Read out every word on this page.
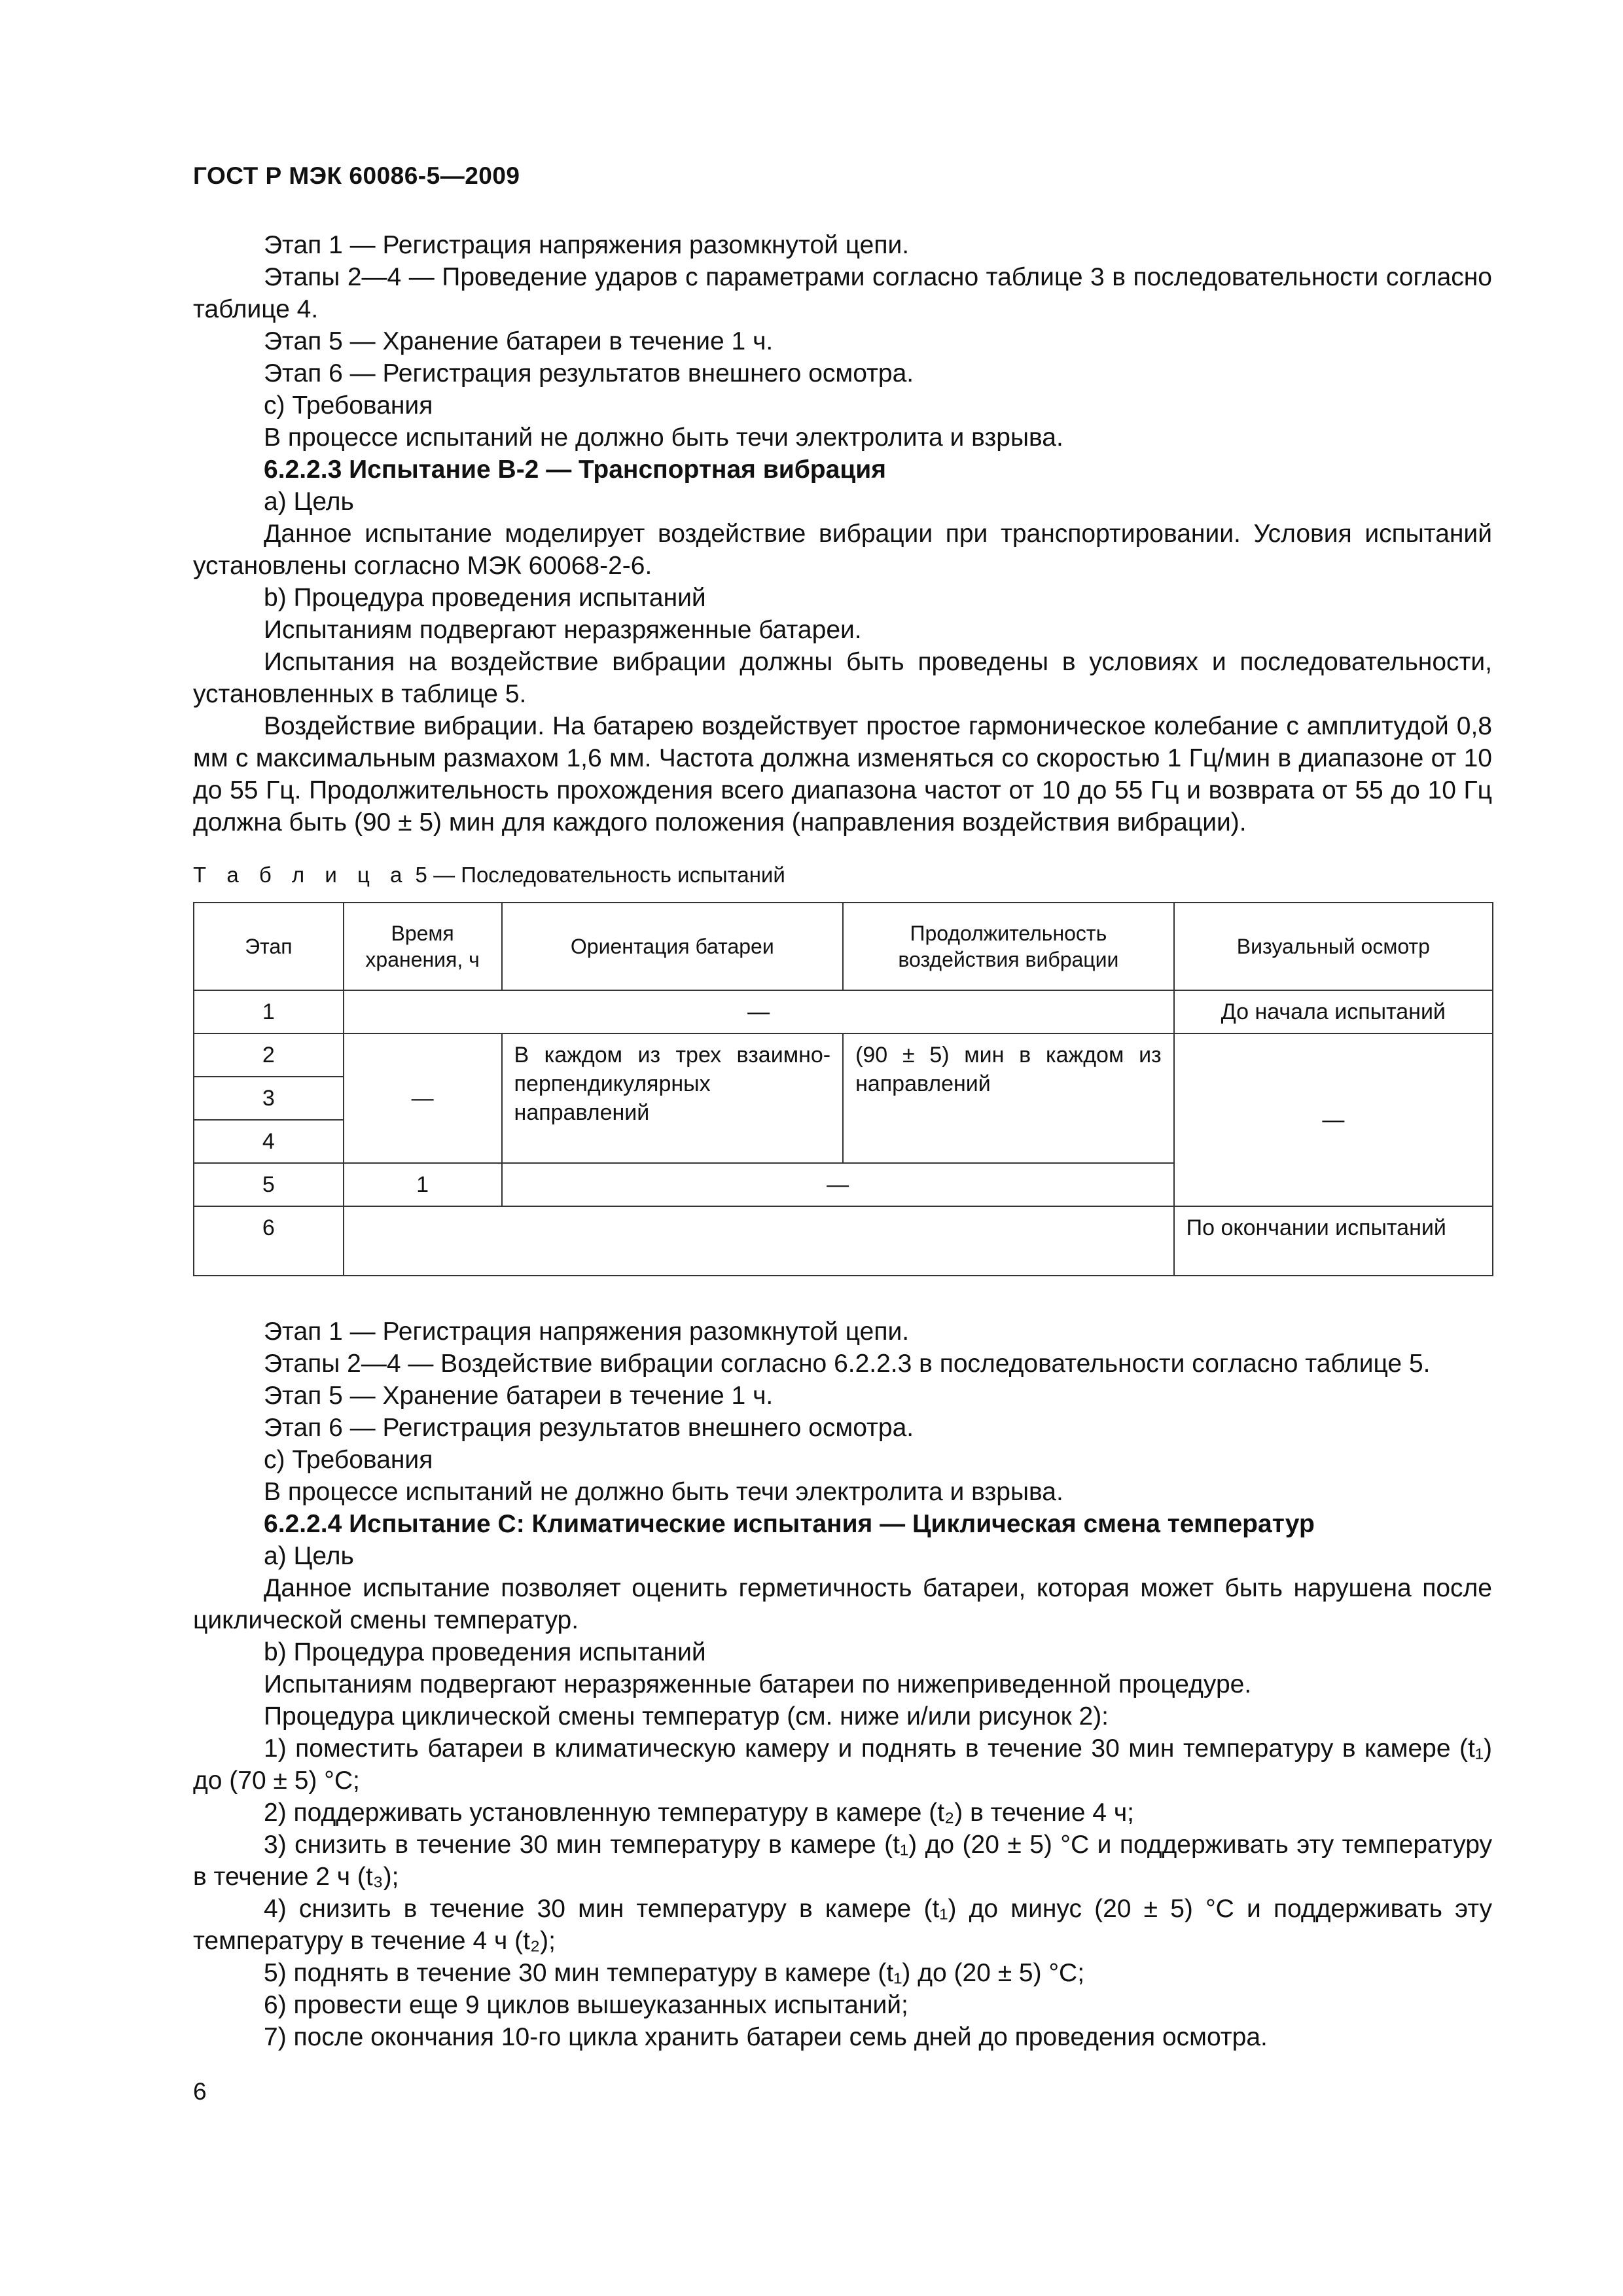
ГОСТ Р МЭК 60086-5—2009

Этап 1 — Регистрация напряжения разомкнутой цепи.

Этапы 2—4 — Проведение ударов с параметрами согласно таблице 3 в последовательности согласно таблице 4.

Этап 5 — Хранение батареи в течение 1 ч.

Этап 6 — Регистрация результатов внешнего осмотра.

c) Требования

В процессе испытаний не должно быть течи электролита и взрыва.

6.2.2.3 Испытание В-2 — Транспортная вибрация

a) Цель

Данное испытание моделирует воздействие вибрации при транспортировании. Условия испытаний установлены согласно МЭК 60068-2-6.

b) Процедура проведения испытаний

Испытаниям подвергают неразряженные батареи.

Испытания на воздействие вибрации должны быть проведены в условиях и последовательности, установленных в таблице 5.

Воздействие вибрации. На батарею воздействует простое гармоническое колебание с амплитудой 0,8 мм с максимальным размахом 1,6 мм. Частота должна изменяться со скоростью 1 Гц/мин в диапазоне от 10 до 55 Гц. Продолжительность прохождения всего диапазона частот от 10 до 55 Гц и возврата от 55 до 10 Гц должна быть (90 ± 5) мин для каждого положения (направления воздействия вибрации).

Т а б л и ц а 5 — Последовательность испытаний
Этап	Время хранения, ч	Ориентация батареи	Продолжительность воздействия вибрации	Визуальный осмотр
1	—			До начала испытаний
2	—	В каждом из трех взаимно-перпендикулярных направлений	(90 ± 5) мин в каждом из направлений	—
3				
4				
5	1	—		
6				По окончании испытаний

Этап 1 — Регистрация напряжения разомкнутой цепи.

Этапы 2—4 — Воздействие вибрации согласно 6.2.2.3 в последовательности согласно таблице 5.

Этап 5 — Хранение батареи в течение 1 ч.

Этап 6 — Регистрация результатов внешнего осмотра.

c) Требования

В процессе испытаний не должно быть течи электролита и взрыва.

6.2.2.4 Испытание С: Климатические испытания — Циклическая смена температур

a) Цель

Данное испытание позволяет оценить герметичность батареи, которая может быть нарушена после циклической смены температур.

b) Процедура проведения испытаний

Испытаниям подвергают неразряженные батареи по нижеприведенной процедуре.

Процедура циклической смены температур (см. ниже и/или рисунок 2):

1) поместить батареи в климатическую камеру и поднять в течение 30 мин температуру в камере (t₁) до (70 ± 5) °С;

2) поддерживать установленную температуру в камере (t₂) в течение 4 ч;

3) снизить в течение 30 мин температуру в камере (t₁) до (20 ± 5) °С и поддерживать эту температуру в течение 2 ч (t₃);

4) снизить в течение 30 мин температуру в камере (t₁) до минус (20 ± 5) °С и поддерживать эту температуру в течение 4 ч (t₂);

5) поднять в течение 30 мин температуру в камере (t₁) до (20 ± 5) °С;

6) провести еще 9 циклов вышеуказанных испытаний;

7) после окончания 10-го цикла хранить батареи семь дней до проведения осмотра.

6
